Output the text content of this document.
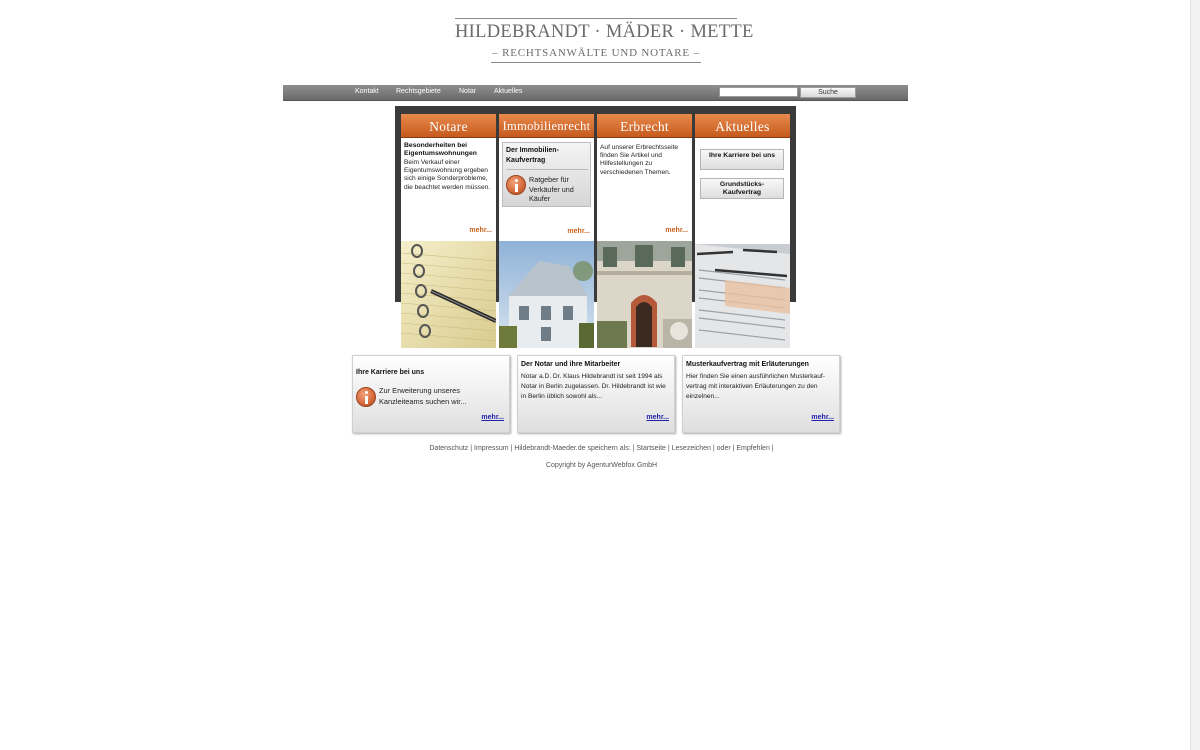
HILDEBRANDT · MÄDER · METTE
– RECHTSANWÄLTE UND NOTARE –
Kontakt Rechtsgebiete	Notar	Aktuelles	Suche
Notare
Besonderheiten bei Eigentumswohnungen
Beim Verkauf einer Eigentumswohnung ergeben sich einige Sonderprobleme, die beachtet werden müssen.
mehr...
Immobilienrecht
Der Immobilien-Kaufvertrag
Ratgeber für Verkäufer und Käufer
mehr...
Erbrecht
Auf unserer Erbrechtsseite finden Sie Artikel und Hilfestellungen zu verschiedenen Themen.
mehr...
Aktuelles
Ihre Karriere bei uns
Grundstücks-Kaufvertrag
Ihre Karriere bei uns
Zur Erweiterung unseres Kanzleiteams suchen wir...
mehr...
Der Notar und ihre Mitarbeiter
Notar a.D. Dr. Klaus Hildebrandt ist seit 1994 als Notar in Berlin zugelassen. Dr. Hildebrandt ist wie in Berlin üblich sowohl als...
mehr...
Musterkaufvertrag mit Erläuterungen
Hier finden Sie einen ausführlichen Musterkauf-vertrag mit interaktiven Erläuterungen zu den einzelnen...
mehr...
Datenschutz | Impressum | Hildebrandt-Maeder.de speichern als: | Startseite | Lesezeichen | oder | Empfehlen |
Copyright by AgenturWebfox GmbH
